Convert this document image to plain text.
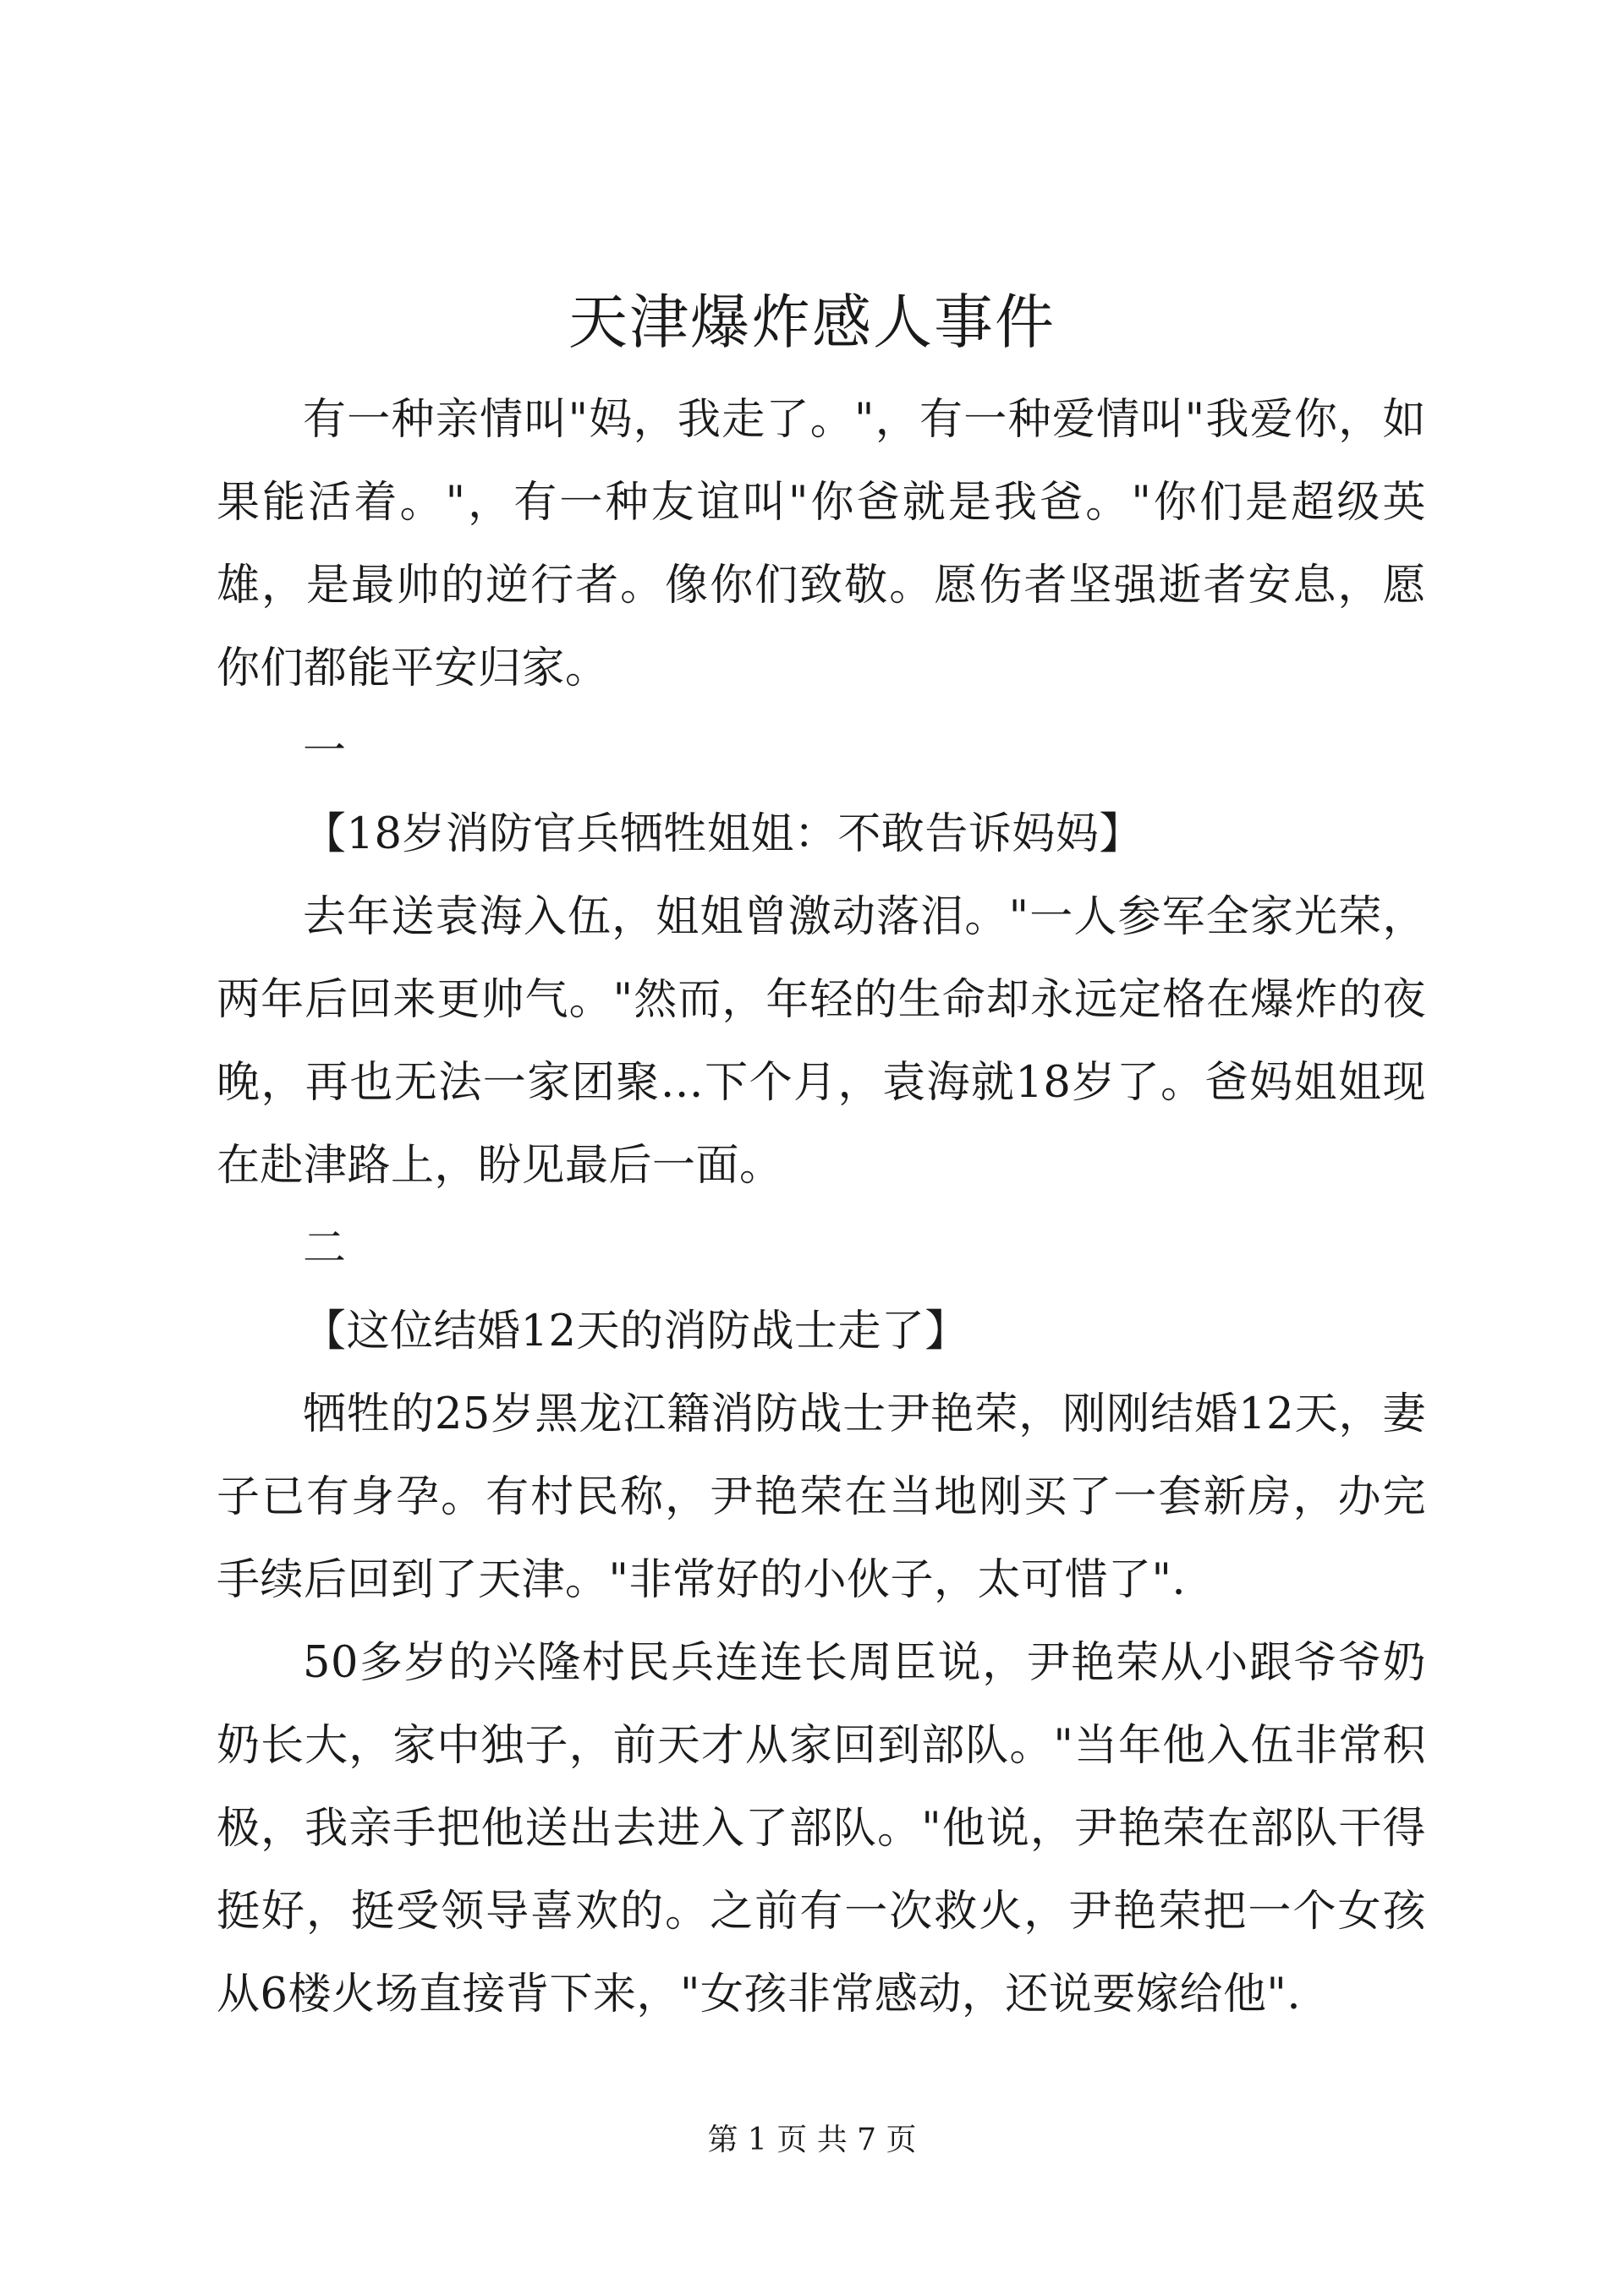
天津爆炸感人事件

有一种亲情叫"妈，我走了。"，有一种爱情叫"我爱你，如果能活着。"，有一种友谊叫"你爸就是我爸。"你们是超级英雄，是最帅的逆行者。像你们致敬。愿伤者坚强逝者安息，愿你们都能平安归家。

一

【18岁消防官兵牺牲姐姐：不敢告诉妈妈】

去年送袁海入伍，姐姐曾激动落泪。"一人参军全家光荣，两年后回来更帅气。"然而，年轻的生命却永远定格在爆炸的夜晚，再也无法一家团聚…下个月，袁海就18岁了。爸妈姐姐现在赴津路上，盼见最后一面。

二

【这位结婚12天的消防战士走了】

牺牲的25岁黑龙江籍消防战士尹艳荣，刚刚结婚12天，妻子已有身孕。有村民称，尹艳荣在当地刚买了一套新房，办完手续后回到了天津。"非常好的小伙子，太可惜了".

50多岁的兴隆村民兵连连长周臣说，尹艳荣从小跟爷爷奶奶长大，家中独子，前天才从家回到部队。"当年他入伍非常积极，我亲手把他送出去进入了部队。"他说，尹艳荣在部队干得挺好，挺受领导喜欢的。之前有一次救火，尹艳荣把一个女孩从6楼火场直接背下来，"女孩非常感动，还说要嫁给他".

第 1 页 共 7 页
